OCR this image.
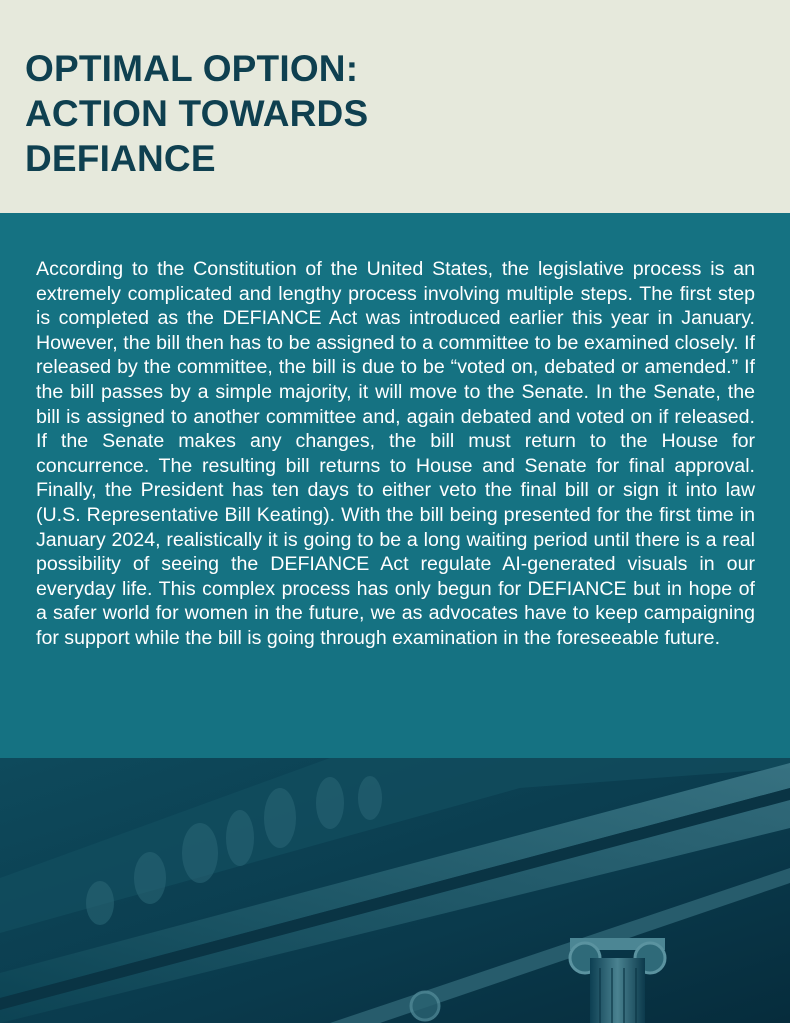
OPTIMAL OPTION:
ACTION TOWARDS
DEFIANCE

According to the Constitution of the United States, the legislative process is an extremely complicated and lengthy process involving multiple steps. The first step is completed as the DEFIANCE Act was introduced earlier this year in January. However, the bill then has to be assigned to a committee to be examined closely. If released by the committee, the bill is due to be “voted on, debated or amended.” If the bill passes by a simple majority, it will move to the Senate. In the Senate, the bill is assigned to another committee and, again debated and voted on if released. If the Senate makes any changes, the bill must return to the House for concurrence. The resulting bill returns to House and Senate for final approval. Finally, the President has ten days to either veto the final bill or sign it into law (U.S. Representative Bill Keating). With the bill being presented for the first time in January 2024, realistically it is going to be a long waiting period until there is a real possibility of seeing the DEFIANCE Act regulate AI-generated visuals in our everyday life. This complex process has only begun for DEFIANCE but in hope of a safer world for women in the future, we as advocates have to keep campaigning for support while the bill is going through examination in the foreseeable future.
